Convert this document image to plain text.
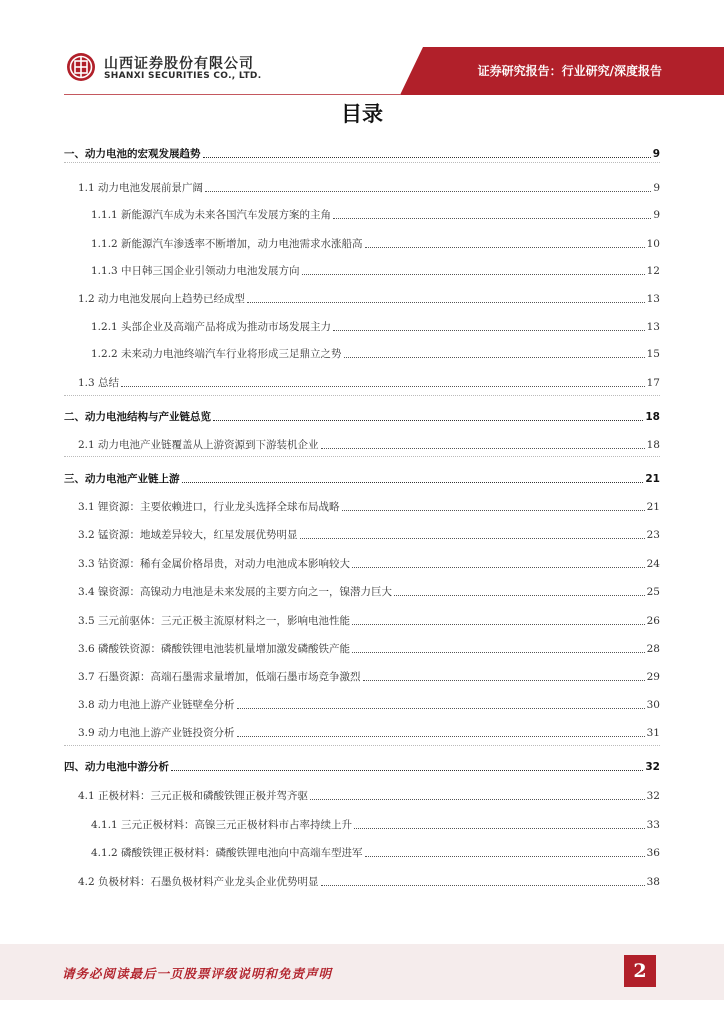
山西证券股份有限公司
SHANXI SECURITIES CO., LTD.	证券研究报告：行业研究/深度报告
目录
一、动力电池的宏观发展趋势	9
1.1 动力电池发展前景广阔	9
1.1.1 新能源汽车成为未来各国汽车发展方案的主角	9
1.1.2 新能源汽车渗透率不断增加，动力电池需求水涨船高	10
1.1.3 中日韩三国企业引领动力电池发展方向	12
1.2 动力电池发展向上趋势已经成型	13
1.2.1 头部企业及高端产品将成为推动市场发展主力	13
1.2.2 未来动力电池终端汽车行业将形成三足鼎立之势	15
1.3 总结	17
二、动力电池结构与产业链总览	18
2.1 动力电池产业链覆盖从上游资源到下游装机企业	18
三、动力电池产业链上游	21
3.1 锂资源：主要依赖进口，行业龙头选择全球布局战略	21
3.2 锰资源：地域差异较大，红星发展优势明显	23
3.3 钴资源：稀有金属价格昂贵，对动力电池成本影响较大	24
3.4 镍资源：高镍动力电池是未来发展的主要方向之一，镍潜力巨大	25
3.5 三元前驱体：三元正极主流原材料之一，影响电池性能	26
3.6 磷酸铁资源：磷酸铁锂电池装机量增加激发磷酸铁产能	28
3.7 石墨资源：高端石墨需求量增加，低端石墨市场竞争激烈	29
3.8 动力电池上游产业链壁垒分析	30
3.9 动力电池上游产业链投资分析	31
四、动力电池中游分析	32
4.1 正极材料：三元正极和磷酸铁锂正极并驾齐驱	32
4.1.1 三元正极材料：高镍三元正极材料市占率持续上升	33
4.1.2 磷酸铁锂正极材料：磷酸铁锂电池向中高端车型进军	36
4.2 负极材料：石墨负极材料产业龙头企业优势明显	38
请务必阅读最后一页股票评级说明和免责声明	2
